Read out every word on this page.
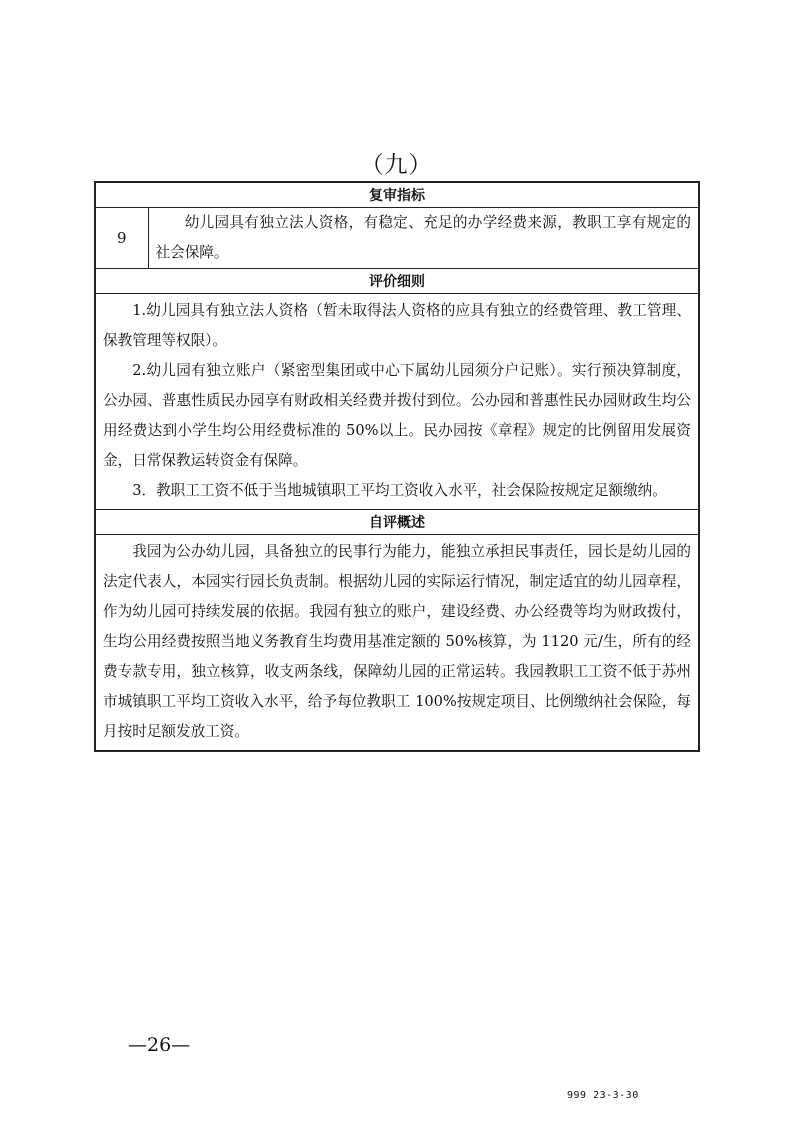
（九）
复审指标
9	

幼儿园具有独立法人资格，有稳定、充足的办学经费来源，教职工享有规定的社会保障。

评价细则

1.幼儿园具有独立法人资格（暂未取得法人资格的应具有独立的经费管理、教工管理、保教管理等权限）。

2.幼儿园有独立账户（紧密型集团或中心下属幼儿园须分户记账）。实行预决算制度，公办园、普惠性质民办园享有财政相关经费并拨付到位。公办园和普惠性民办园财政生均公用经费达到小学生均公用经费标准的 50%以上。民办园按《章程》规定的比例留用发展资金，日常保教运转资金有保障。

3．教职工工资不低于当地城镇职工平均工资收入水平，社会保险按规定足额缴纳。

自评概述

我园为公办幼儿园，具备独立的民事行为能力，能独立承担民事责任，园长是幼儿园的法定代表人，本园实行园长负责制。根据幼儿园的实际运行情况，制定适宜的幼儿园章程，作为幼儿园可持续发展的依据。我园有独立的账户，建设经费、办公经费等均为财政拨付，生均公用经费按照当地义务教育生均费用基准定额的 50%核算，为 1120 元/生，所有的经费专款专用，独立核算，收支两条线，保障幼儿园的正常运转。我园教职工工资不低于苏州市城镇职工平均工资收入水平，给予每位教职工 100%按规定项目、比例缴纳社会保险，每月按时足额发放工资。

—26—
999 23-3-30
